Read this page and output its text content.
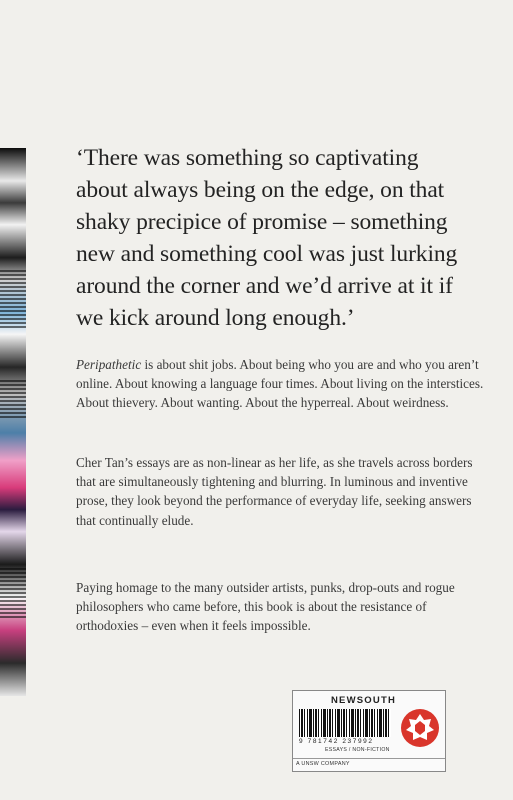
‘There was something so captivating
about always being on the edge, on that
shaky precipice of promise – something
new and something cool was just lurking
around the corner and we’d arrive at it if
we kick around long enough.’

Peripathetic is about shit jobs. About being who you are and who you aren’t online. About knowing a language four times. About living on the interstices. About thievery. About wanting. About the hyperreal. About weirdness.

Cher Tan’s essays are as non-linear as her life, as she travels across borders that are simultaneously tightening and blurring. In luminous and inventive prose, they look beyond the performance of everyday life, seeking answers that continually elude.

Paying homage to the many outsider artists, punks, drop-outs and rogue philosophers who came before, this book is about the resistance of orthodoxies – even when it feels impossible.

NEWSOUTH
9 781742 237992
ESSAYS / NON-FICTION
A UNSW COMPANY
